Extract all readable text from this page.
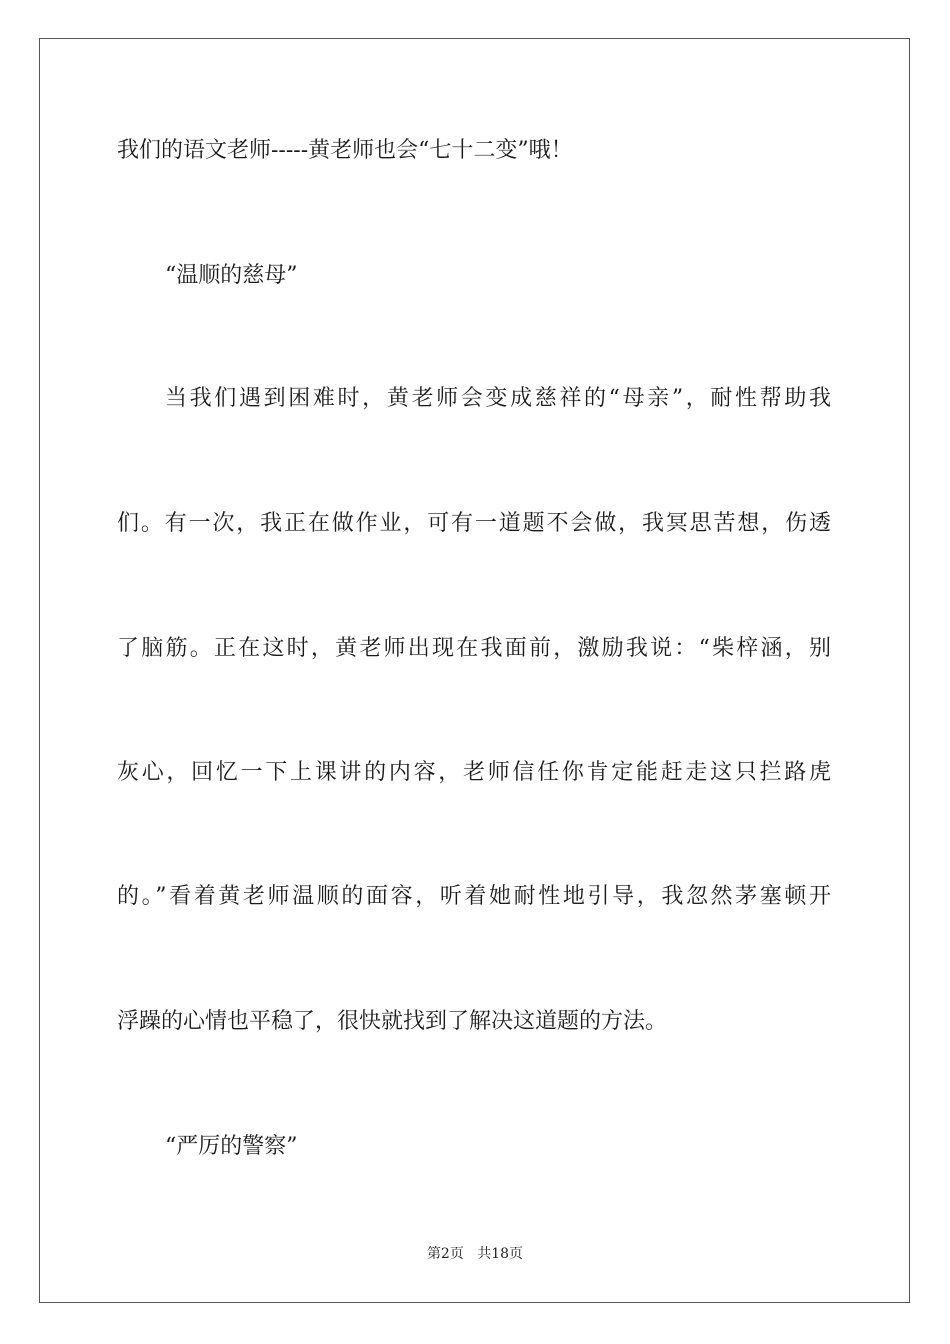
我们的语文老师-----黄老师也会“七十二变”哦！
“温顺的慈母”
当我们遇到困难时，黄老师会变成慈祥的“母亲”，耐性帮助我
们。有一次，我正在做作业，可有一道题不会做，我冥思苦想，伤透
了脑筋。正在这时，黄老师出现在我面前，激励我说：“柴梓涵，别
灰心，回忆一下上课讲的内容，老师信任你肯定能赶走这只拦路虎
的。”看着黄老师温顺的面容，听着她耐性地引导，我忽然茅塞顿开
浮躁的心情也平稳了，很快就找到了解决这道题的方法。
“严厉的警察”
第2页 共18页
